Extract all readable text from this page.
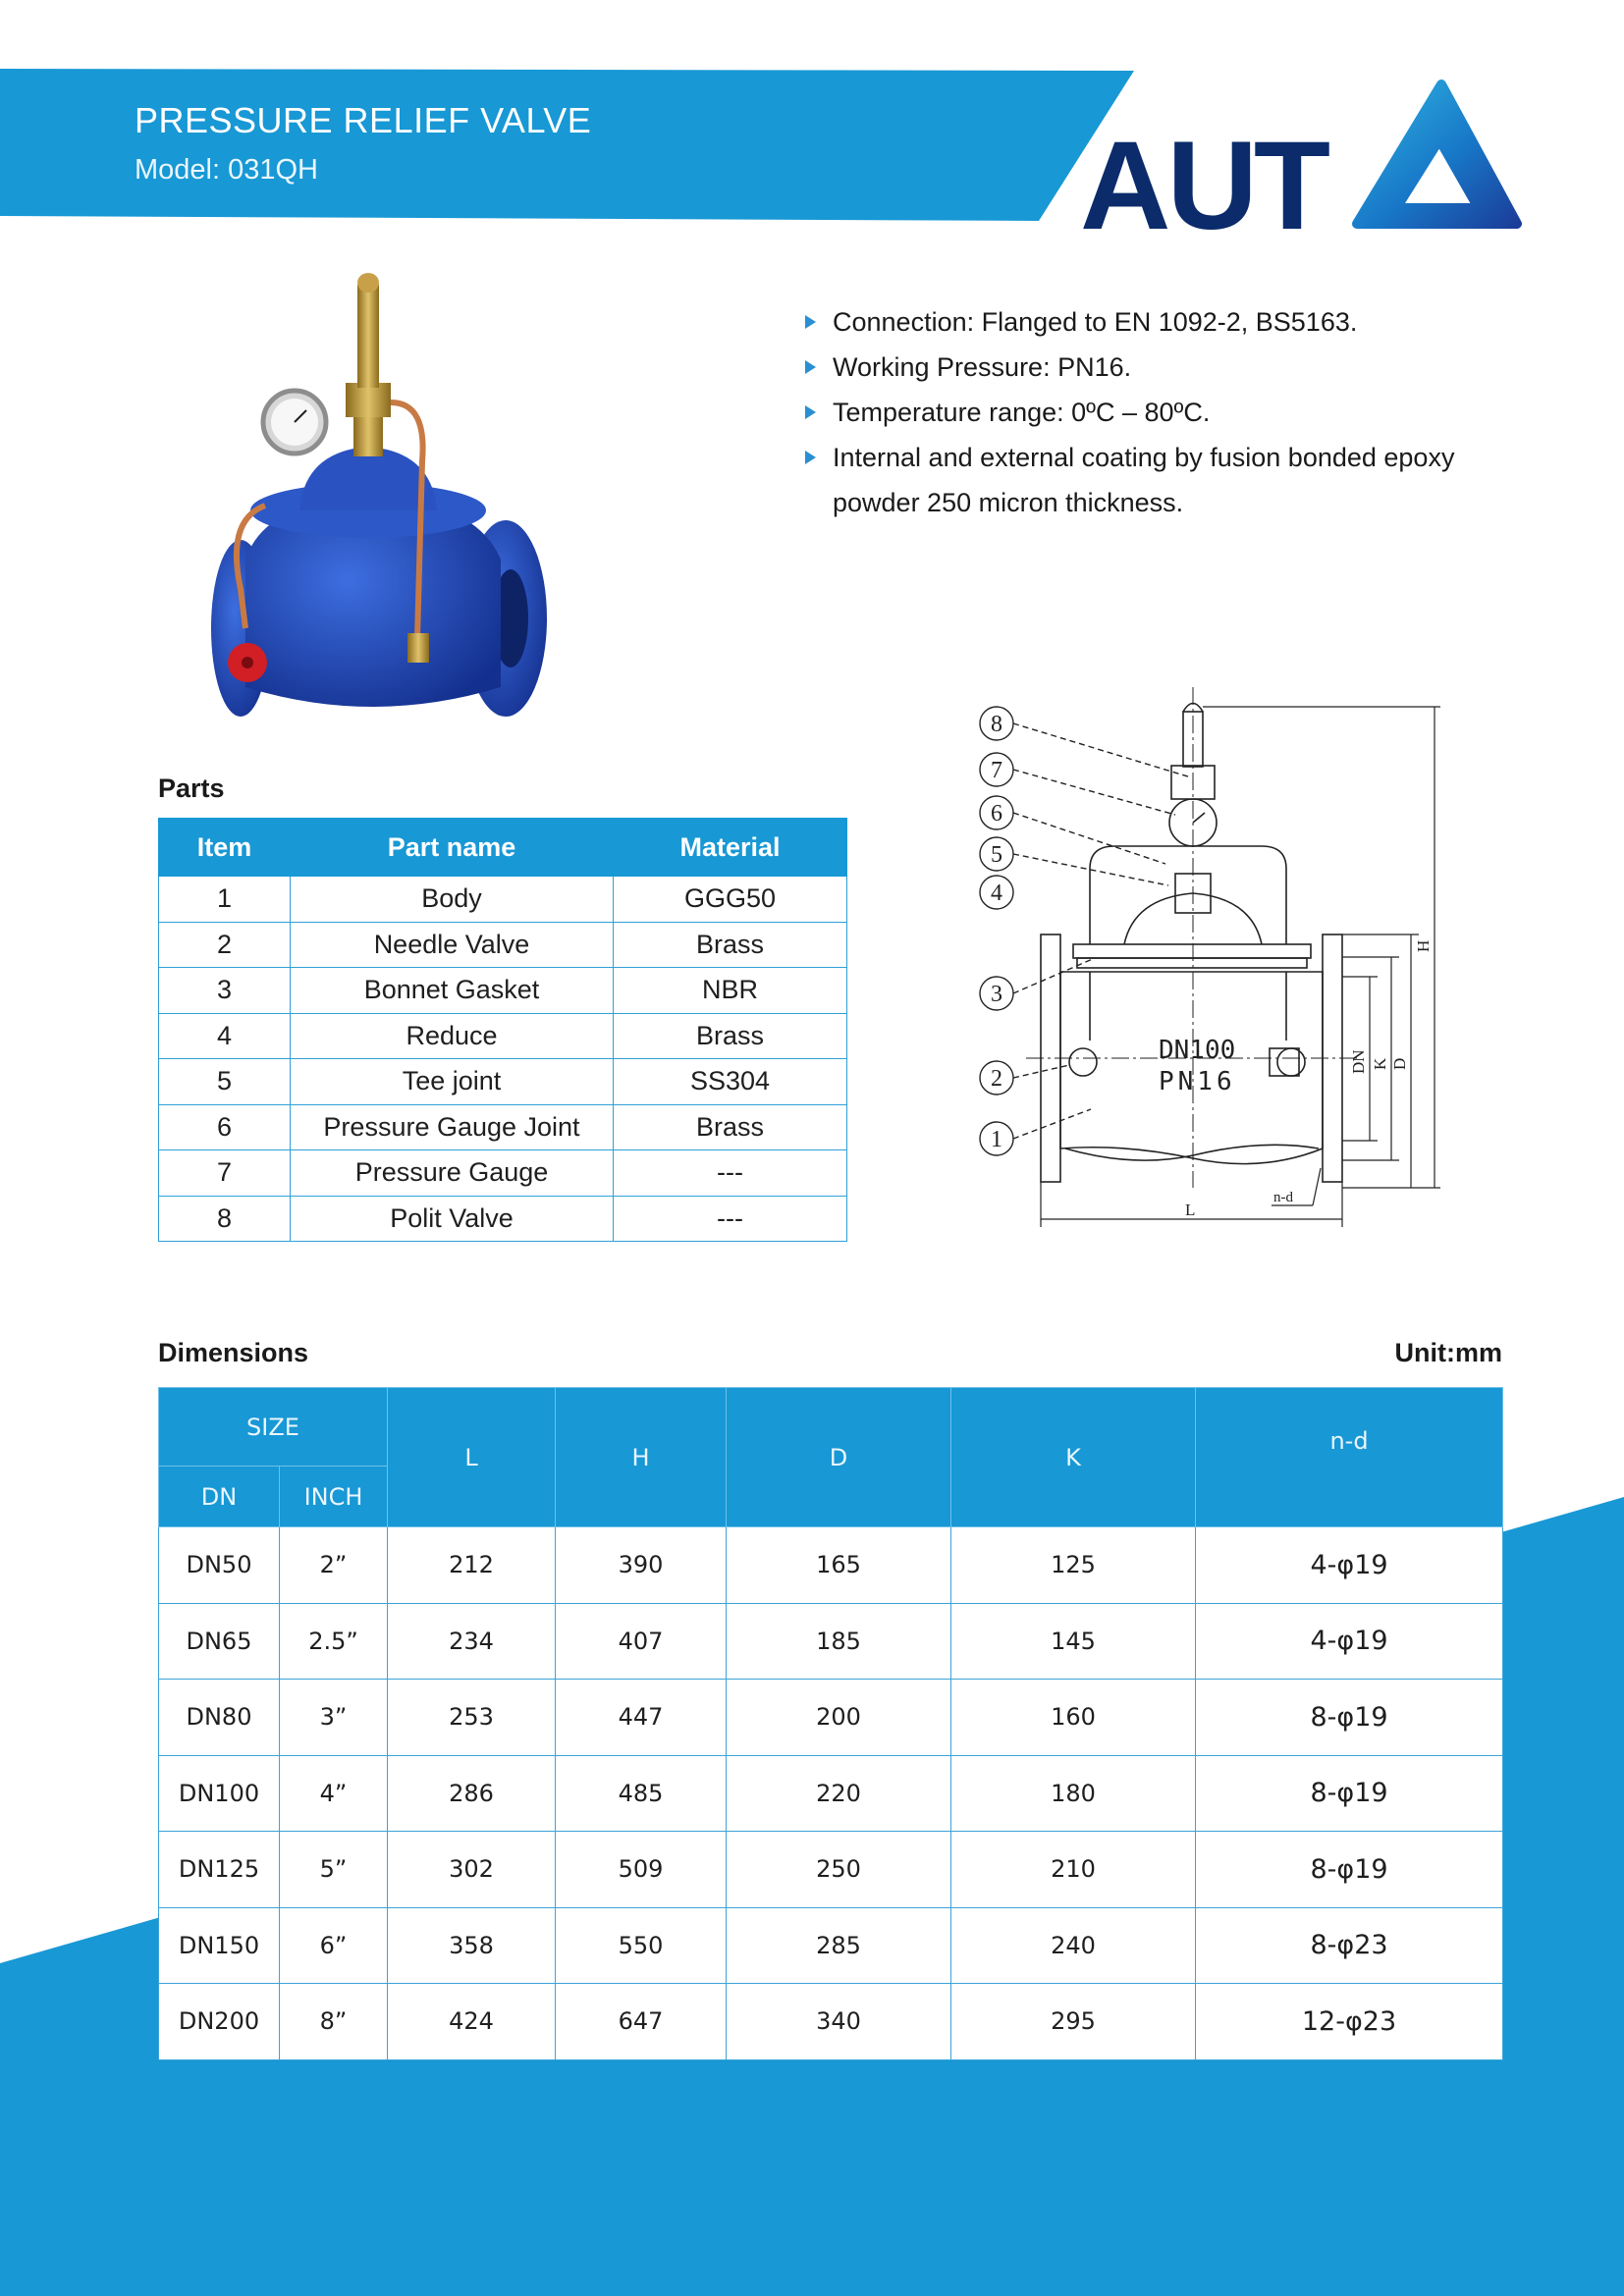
PRESSURE RELIEF VALVE
Model: 031QH	AUT
Connection: Flanged to EN 1092-2, BS5163.
Working Pressure: PN16.
Temperature range: 0ºC – 80ºC.
Internal and external coating by fusion bonded epoxy powder 250 micron thickness.
DN100
PN16
8
7
6
5
4
3
2
1
H
D
K
DN
L
n-d
Parts
Item	Part name	Material
1	Body	GGG50
2	Needle Valve	Brass
3	Bonnet Gasket	NBR
4	Reduce	Brass
5	Tee joint	SS304
6	Pressure Gauge Joint	Brass
7	Pressure Gauge	---
8	Polit Valve	---
Dimensions	Unit:mm
SIZE		L	H	D	K	n-d
DN	INCH					
DN50	2”	212	390	165	125	4-φ19
DN65	2.5”	234	407	185	145	4-φ19
DN80	3”	253	447	200	160	8-φ19
DN100	4”	286	485	220	180	8-φ19
DN125	5”	302	509	250	210	8-φ19
DN150	6”	358	550	285	240	8-φ23
DN200	8”	424	647	340	295	12-φ23
